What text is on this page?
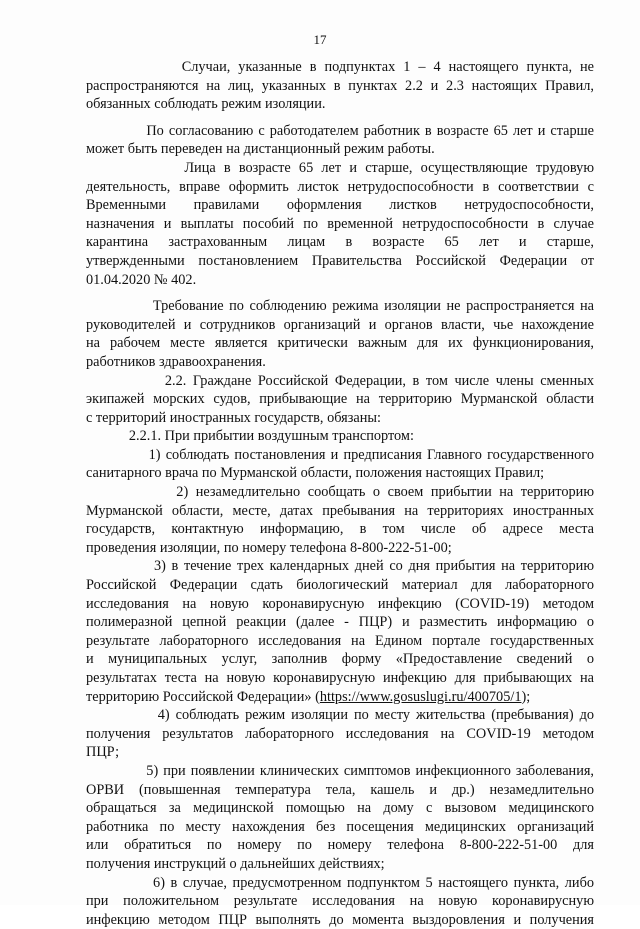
17
Случаи, указанные в подпунктах 1 – 4 настоящего пункта, не
распространяются на лиц, указанных в пунктах 2.2 и 2.3 настоящих Правил,
обязанных соблюдать режим изоляции.
По согласованию с работодателем работник в возрасте 65 лет и старше
может быть переведен на дистанционный режим работы.
Лица в возрасте 65 лет и старше, осуществляющие трудовую
деятельность, вправе оформить листок нетрудоспособности в соответствии с
Временными правилами оформления листков нетрудоспособности,
назначения и выплаты пособий по временной нетрудоспособности в случае
карантина застрахованным лицам в возрасте 65 лет и старше,
утвержденными постановлением Правительства Российской Федерации от
01.04.2020 № 402.
Требование по соблюдению режима изоляции не распространяется на
руководителей и сотрудников организаций и органов власти, чье нахождение
на рабочем месте является критически важным для их функционирования,
работников здравоохранения.
2.2. Граждане Российской Федерации, в том числе члены сменных
экипажей морских судов, прибывающие на территорию Мурманской области
с территорий иностранных государств, обязаны:
2.2.1. При прибытии воздушным транспортом:
1) соблюдать постановления и предписания Главного государственного
санитарного врача по Мурманской области, положения настоящих Правил;
2) незамедлительно сообщать о своем прибытии на территорию
Мурманской области, месте, датах пребывания на территориях иностранных
государств, контактную информацию, в том числе об адресе места
проведения изоляции, по номеру телефона 8-800-222-51-00;
3) в течение трех календарных дней со дня прибытия на территорию
Российской Федерации сдать биологический материал для лабораторного
исследования на новую коронавирусную инфекцию (COVID-19) методом
полимеразной цепной реакции (далее - ПЦР) и разместить информацию о
результате лабораторного исследования на Едином портале государственных
и муниципальных услуг, заполнив форму «Предоставление сведений о
результатах теста на новую коронавирусную инфекцию для прибывающих на
территорию Российской Федерации» (https://www.gosuslugi.ru/400705/1);
4) соблюдать режим изоляции по месту жительства (пребывания) до
получения результатов лабораторного исследования на COVID-19 методом
ПЦР;
5) при появлении клинических симптомов инфекционного заболевания,
ОРВИ (повышенная температура тела, кашель и др.) незамедлительно
обращаться за медицинской помощью на дому с вызовом медицинского
работника по месту нахождения без посещения медицинских организаций
или обратиться по номеру по номеру телефона 8-800-222-51-00 для
получения инструкций о дальнейших действиях;
6) в случае, предусмотренном подпунктом 5 настоящего пункта, либо
при положительном результате исследования на новую коронавирусную
инфекцию методом ПЦР выполнять до момента выздоровления и получения
